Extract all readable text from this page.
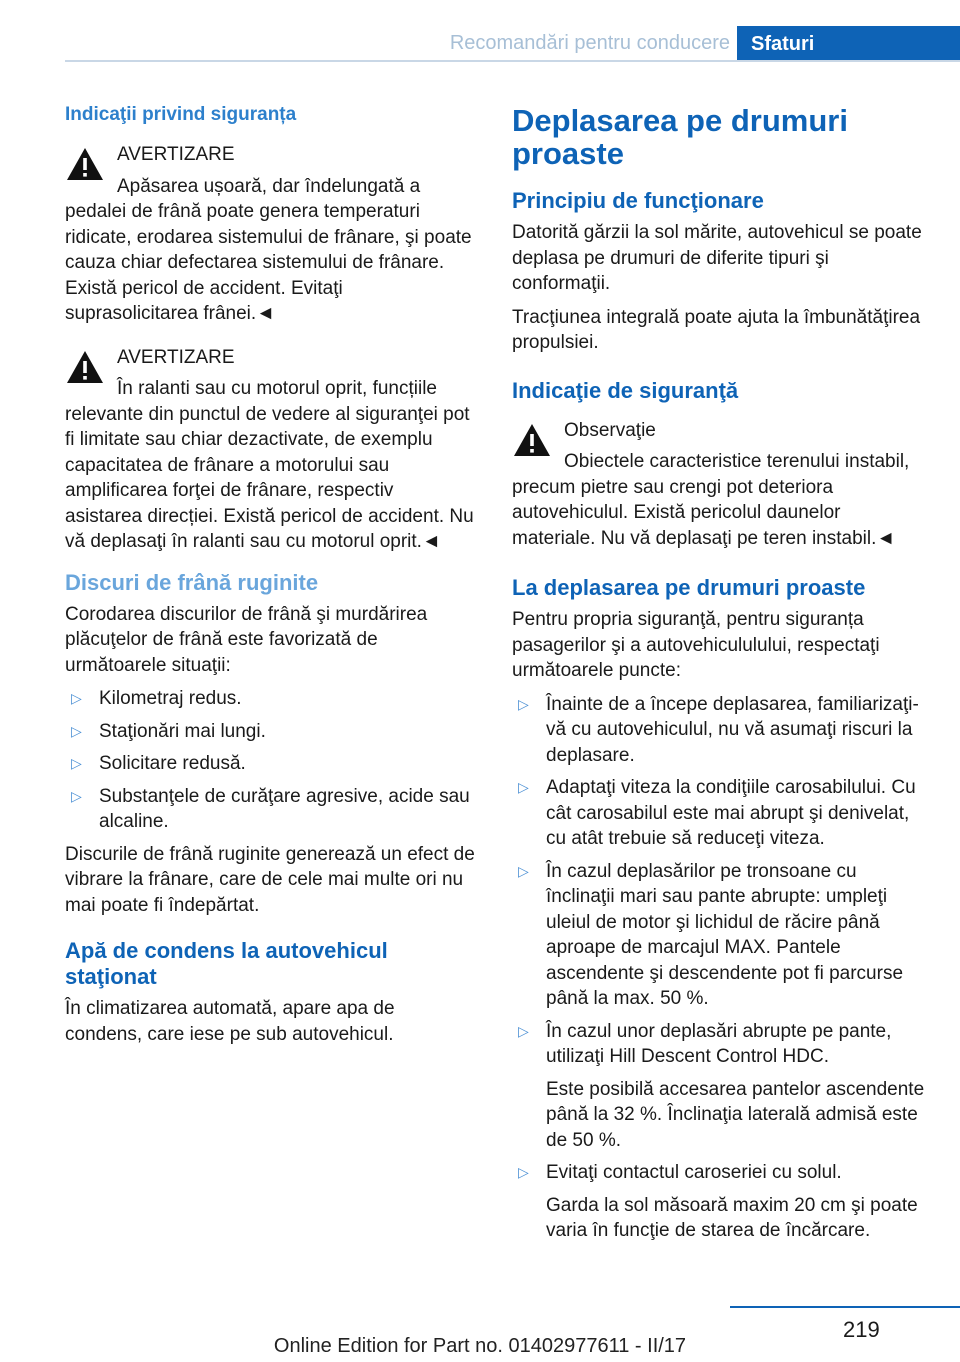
Recomandări pentru conducere	Sfaturi
Indicaţii privind siguranța

AVERTIZARE

Apăsarea ușoară, dar îndelungată a pedalei de frână poate genera temperaturi ridicate, erodarea sistemului de frânare, şi poate cauza chiar defectarea sistemului de frânare. Există pericol de accident. Evitaţi suprasolicitarea frânei.◄

AVERTIZARE

În ralanti sau cu motorul oprit, funcțiile relevante din punctul de vedere al siguranţei pot fi limitate sau chiar dezactivate, de exemplu capacitatea de frânare a motorului sau amplificarea forţei de frânare, respectiv asistarea direcției. Există pericol de accident. Nu vă deplasaţi în ralanti sau cu motorul oprit.◄

Discuri de frână ruginite

Corodarea discurilor de frână şi murdărirea plăcuţelor de frână este favorizată de următoarele situaţii:

▷ Kilometraj redus.
▷ Staţionări mai lungi.
▷ Solicitare redusă.
▷ Substanţele de curăţare agresive, acide sau alcaline.

Discurile de frână ruginite generează un efect de vibrare la frânare, care de cele mai multe ori nu mai poate fi îndepărtat.

Apă de condens la autovehicul staţionat

În climatizarea automată, apare apa de condens, care iese pe sub autovehicul.

Deplasarea pe drumuri proaste
Principiu de funcţionare

Datorită gărzii la sol mărite, autovehicul se poate deplasa pe drumuri de diferite tipuri şi conformaţii.

Tracţiunea integrală poate ajuta la îmbunătăţirea propulsiei.

Indicaţie de siguranţă

Observaţie

Obiectele caracteristice terenului instabil, precum pietre sau crengi pot deteriora autovehiculul. Există pericolul daunelor materiale. Nu vă deplasaţi pe teren instabil.◄

La deplasarea pe drumuri proaste

Pentru propria siguranţă, pentru siguranța pasagerilor şi a autovehicululului, respectaţi următoarele puncte:

▷ Înainte de a începe deplasarea, familiarizaţi-vă cu autovehiculul, nu vă asumaţi riscuri la deplasare.
▷ Adaptaţi viteza la condiţiile carosabilului. Cu cât carosabilul este mai abrupt şi denivelat, cu atât trebuie să reduceţi viteza.
▷ În cazul deplasărilor pe tronsoane cu înclinaţii mari sau pante abrupte: umpleţi uleiul de motor şi lichidul de răcire până aproape de marcajul MAX. Pantele ascendente şi descendente pot fi parcurse până la max. 50 %.
▷ În cazul unor deplasări abrupte pe pante, utilizaţi Hill Descent Control HDC.
Este posibilă accesarea pantelor ascendente până la 32 %. Înclinaţia laterală admisă este de 50 %.
▷ Evitaţi contactul caroseriei cu solul.
Garda la sol măsoară maxim 20 cm şi poate varia în funcţie de starea de încărcare.
219
Online Edition for Part no. 01402977611 - II/17
